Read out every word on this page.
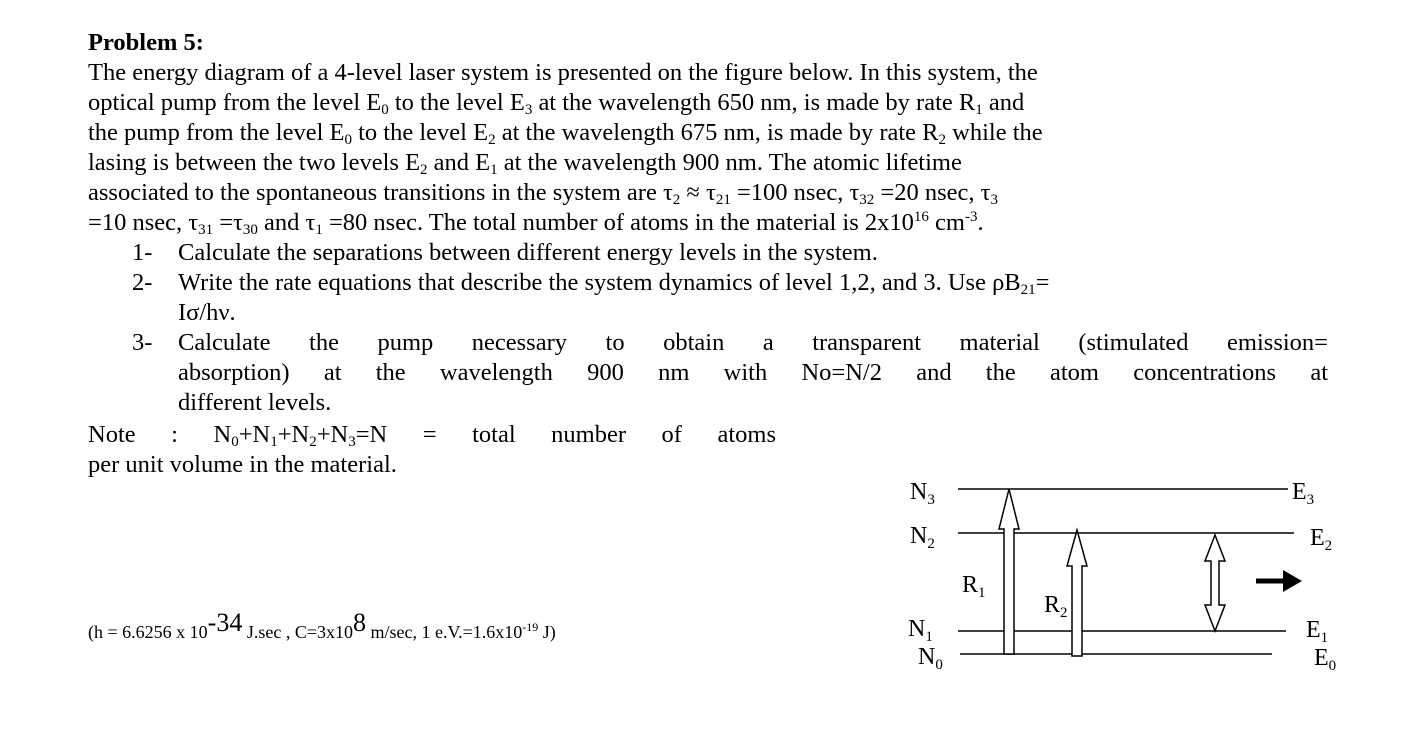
Problem 5:
The energy diagram of a 4-level laser system is presented on the figure below. In this system, the
optical pump from the level $E_0$ to the level $E_3$ at the wavelength 650 nm, is made by rate $R_1$ and
the pump from the level $E_0$ to the level $E_2$ at the wavelength 675 nm, is made by rate $R_2$ while the
lasing is between the two levels $E_2$ and $E_1$ at the wavelength 900 nm. The atomic lifetime
associated to the spontaneous transitions in the system are $\tau_2 \approx \tau_{21} =100$ nsec, $\tau_{32} =20$ nsec, $\tau_3$
=10 nsec, $\tau_{31} =\tau_{30}$ and $\tau_1 =80$ nsec. The total number of atoms in the material is $2x10^{16}$ $cm^{-3}$.
1- Calculate the separations between different energy levels in the system.
2- Write the rate equations that describe the system dynamics of level 1,2, and 3. Use $\rho B_{21}=$
Iσ/hν.
3- Calculate the pump necessary to obtain a transparent material (stimulated emission=
absorption) at the wavelength 900 nm with No=N/2 and the atom concentrations at
different levels.
Note : $N_0+N_1+N_2+N_3=N$ = total number of atoms
per unit volume in the material.
(h = 6.6256 x 10-34 J.sec , C=3x108 m/sec, 1 $e.V.=1.6x10^{-19}$ J)
$N_3$
$N_2$
$N_1$
$N_0$
$E_3$
$E_2$
$E_1$
$E_0$
$R_1$ $R_2$
